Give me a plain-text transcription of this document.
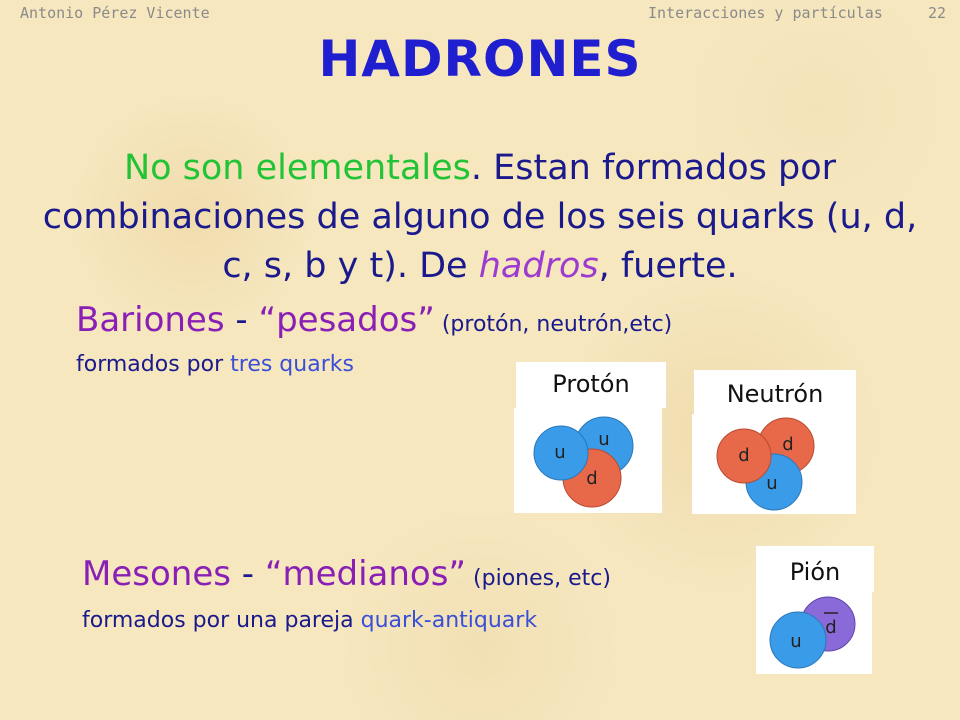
Antonio Pérez Vicente	Interacciones y partículas	22
HADRONES
No son elementales. Estan formados por combinaciones de alguno de los seis quarks (u, d, c, s, b y t). De hadros, fuerte.
Bariones - “pesados” (protón, neutrón,etc)
formados por tres quarks
Protón
u
d
u
Neutrón
d
u
d
Mesones - “medianos” (piones, etc)
formados por una pareja quark-antiquark
Pión
d
u
